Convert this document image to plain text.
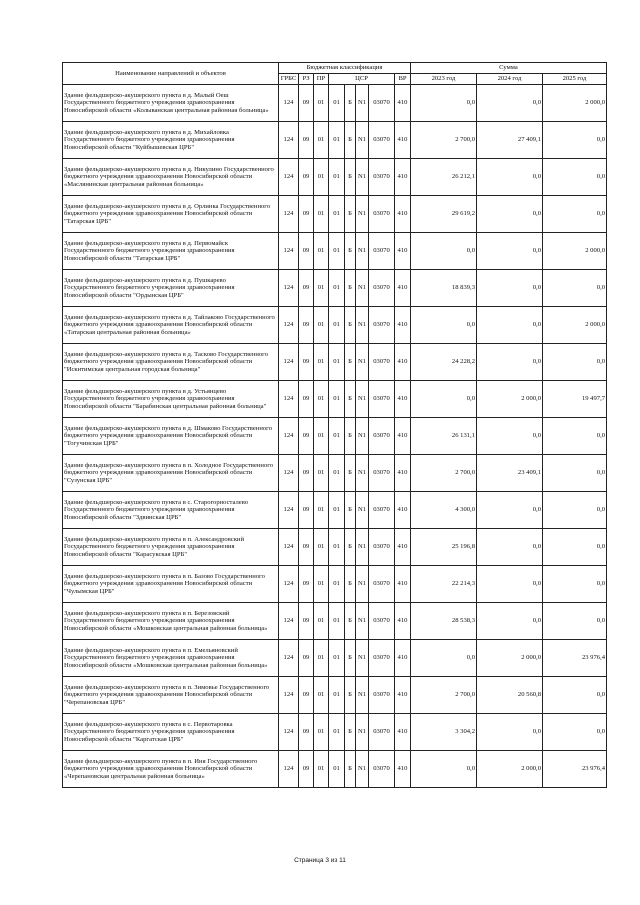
Наименование направлений и объектов	Бюджетная классификация								Сумма		
	ГРБС	РЗ	ПР	ЦСР				ВР	2023 год	2024 год	2025 год
Здание фельдшерско-акушерского пункта в д. Малый Оеш Государственного бюджетного учреждения здравоохранения Новосибирской области «Колыванская центральная районная больница»	124	09	01	01	Б	N1	03070	410	0,0	0,0	2 000,0
Здание фельдшерско-акушерского пункта в д. Михайловка Государственного бюджетного учреждения здравоохранения Новосибирской области "Куйбышевская ЦРБ"	124	09	01	01	Б	N1	03070	410	2 700,0	27 409,1	0,0
Здание фельдшерско-акушерского пункта в д. Никулино Государственного бюджетного учреждения здравоохранения Новосибирской области «Маслянинская центральная районная больница»	124	09	01	01	Б	N1	03070	410	26 212,1	0,0	0,0
Здание фельдшерско-акушерского пункта в д. Орлинка Государственного бюджетного учреждения здравоохранения Новосибирской области "Татарская ЦРБ"	124	09	01	01	Б	N1	03070	410	29 619,2	0,0	0,0
Здание фельдшерско-акушерского пункта в д. Первомайск Государственного бюджетного учреждения здравоохранения Новосибирской области "Татарская ЦРБ"	124	09	01	01	Б	N1	03070	410	0,0	0,0	2 000,0
Здание фельдшерско-акушерского пункта в д. Пушкарево Государственного бюджетного учреждения здравоохранения Новосибирской области "Ордынская ЦРБ"	124	09	01	01	Б	N1	03070	410	18 839,3	0,0	0,0
Здание фельдшерско-акушерского пункта в д. Тайлаково Государственного бюджетного учреждения здравоохранения Новосибирской области «Татарская центральная районная больница»	124	09	01	01	Б	N1	03070	410	0,0	0,0	2 000,0
Здание фельдшерско-акушерского пункта в д. Тасково Государственного бюджетного учреждения здравоохранения Новосибирской области "Искитимская центральная городская больница"	124	09	01	01	Б	N1	03070	410	24 228,2	0,0	0,0
Здание фельдшерско-акушерского пункта в д. Устьянцево Государственного бюджетного учреждения здравоохранения Новосибирской области "Барабинская центральная районная больница"	124	09	01	01	Б	N1	03070	410	0,0	2 000,0	19 497,7
Здание фельдшерско-акушерского пункта в д. Шмаково Государственного бюджетного учреждения здравоохранения Новосибирской области "Тогучинская ЦРБ"	124	09	01	01	Б	N1	03070	410	26 131,1	0,0	0,0
Здание фельдшерско-акушерского пункта в п. Холодное Государственного бюджетного учреждения здравоохранения Новосибирской области "Сузунская ЦРБ"	124	09	01	01	Б	N1	03070	410	2 700,0	23 409,1	0,0
Здание фельдшерско-акушерского пункта в с. Старогорносталево Государственного бюджетного учреждения здравоохранения Новосибирской области "Здвинская ЦРБ"	124	09	01	01	Б	N1	03070	410	4 300,0	0,0	0,0
Здание фельдшерско-акушерского пункта в п. Александровский Государственного бюджетного учреждения здравоохранения Новосибирской области "Карасукская ЦРБ"	124	09	01	01	Б	N1	03070	410	25 196,8	0,0	0,0
Здание фельдшерско-акушерского пункта в п. Базово Государственного бюджетного учреждения здравоохранения Новосибирской области "Чулымская ЦРБ"	124	09	01	01	Б	N1	03070	410	22 214,3	0,0	0,0
Здание фельдшерско-акушерского пункта в п. Березовский Государственного бюджетного учреждения здравоохранения Новосибирской области «Мошковская центральная районная больница»	124	09	01	01	Б	N1	03070	410	28 538,3	0,0	0,0
Здание фельдшерско-акушерского пункта в п. Емельяновский Государственного бюджетного учреждения здравоохранения Новосибирской области «Мошковская центральная районная больница»	124	09	01	01	Б	N1	03070	410	0,0	2 000,0	23 976,4
Здание фельдшерско-акушерского пункта в п. Зимовье Государственного бюджетного учреждения здравоохранения Новосибирской области "Черепановская ЦРБ"	124	09	01	01	Б	N1	03070	410	2 700,0	20 560,8	0,0
Здание фельдшерско-акушерского пункта в с. Первотаровка Государственного бюджетного учреждения здравоохранения Новосибирской области "Каргатская ЦРБ"	124	09	01	01	Б	N1	03070	410	3 304,2	0,0	0,0
Здание фельдшерско-акушерского пункта в п. Иня Государственного бюджетного учреждения здравоохранения Новосибирской области «Черепановская центральная районная больница»	124	09	01	01	Б	N1	03070	410	0,0	2 000,0	23 976,4
Страница 3 из 11
